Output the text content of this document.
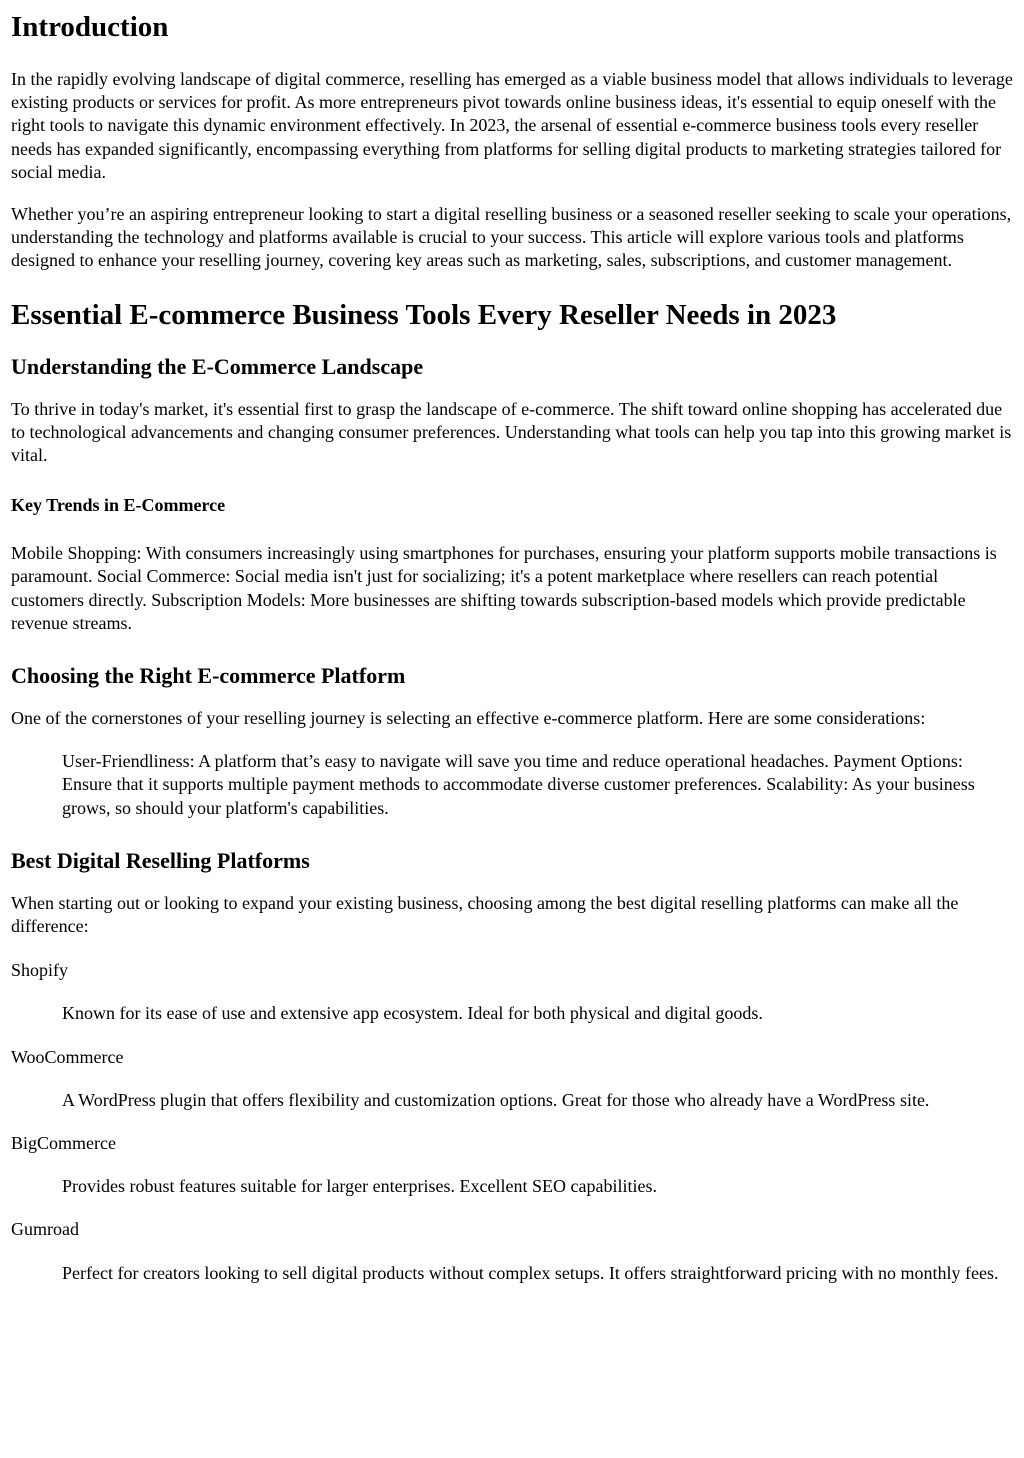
Introduction

In the rapidly evolving landscape of digital commerce, reselling has emerged as a viable business model that allows individuals to leverage existing products or services for profit. As more entrepreneurs pivot towards online business ideas, it's essential to equip oneself with the right tools to navigate this dynamic environment effectively. In 2023, the arsenal of essential e-commerce business tools every reseller needs has expanded significantly, encompassing everything from platforms for selling digital products to marketing strategies tailored for social media.

Whether you’re an aspiring entrepreneur looking to start a digital reselling business or a seasoned reseller seeking to scale your operations, understanding the technology and platforms available is crucial to your success. This article will explore various tools and platforms designed to enhance your reselling journey, covering key areas such as marketing, sales, subscriptions, and customer management.

Essential E-commerce Business Tools Every Reseller Needs in 2023
Understanding the E-Commerce Landscape

To thrive in today's market, it's essential first to grasp the landscape of e-commerce. The shift toward online shopping has accelerated due to technological advancements and changing consumer preferences. Understanding what tools can help you tap into this growing market is vital.

Key Trends in E-Commerce

Mobile Shopping: With consumers increasingly using smartphones for purchases, ensuring your platform supports mobile transactions is paramount. Social Commerce: Social media isn't just for socializing; it's a potent marketplace where resellers can reach potential customers directly. Subscription Models: More businesses are shifting towards subscription-based models which provide predictable revenue streams.

Choosing the Right E-commerce Platform

One of the cornerstones of your reselling journey is selecting an effective e-commerce platform. Here are some considerations:

User-Friendliness: A platform that’s easy to navigate will save you time and reduce operational headaches. Payment Options: Ensure that it supports multiple payment methods to accommodate diverse customer preferences. Scalability: As your business grows, so should your platform's capabilities.
Best Digital Reselling Platforms

When starting out or looking to expand your existing business, choosing among the best digital reselling platforms can make all the difference:

Shopify

Known for its ease of use and extensive app ecosystem. Ideal for both physical and digital goods.

WooCommerce

A WordPress plugin that offers flexibility and customization options. Great for those who already have a WordPress site.

BigCommerce

Provides robust features suitable for larger enterprises. Excellent SEO capabilities.

Gumroad

Perfect for creators looking to sell digital products without complex setups. It offers straightforward pricing with no monthly fees.
